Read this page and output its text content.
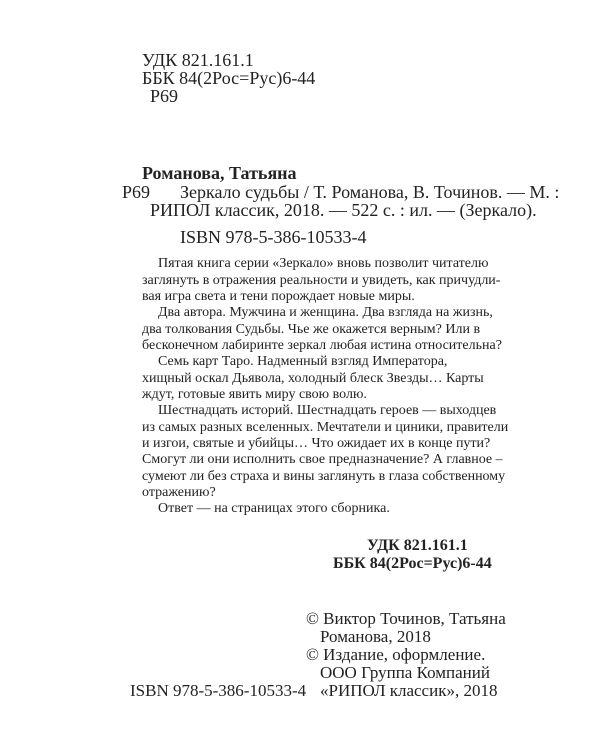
УДК 821.161.1
ББК 84(2Рос=Рус)6-44
Р69
Романова, Татьяна
Р69 Зеркало судьбы / Т. Романова, В. Точинов. — М. :
РИПОЛ классик, 2018. — 522 с. : ил. — (Зеркало).
ISBN 978-5-386-10533-4
Пятая книга серии «Зеркало» вновь позволит читателю
заглянуть в отражения реальности и увидеть, как причудли-
вая игра света и тени порождает новые миры.
Два автора. Мужчина и женщина. Два взгляда на жизнь,
два толкования Судьбы. Чье же окажется верным? Или в
бесконечном лабиринте зеркал любая истина относительна?
Семь карт Таро. Надменный взгляд Императора,
хищный оскал Дьявола, холодный блеск Звезды… Карты
ждут, готовые явить миру свою волю.
Шестнадцать историй. Шестнадцать героев — выходцев
из самых разных вселенных. Мечтатели и циники, правители
и изгои, святые и убийцы… Что ожидает их в конце пути?
Смогут ли они исполнить свое предназначение? А главное –
сумеют ли без страха и вины заглянуть в глаза собственному
отражению?
Ответ — на страницах этого сборника.
УДК 821.161.1
ББК 84(2Рос=Рус)6-44
ISBN 978-5-386-10533-4
© Виктор Точинов, Татьяна
Романова, 2018
© Издание, оформление.
ООО Группа Компаний
«РИПОЛ классик», 2018
